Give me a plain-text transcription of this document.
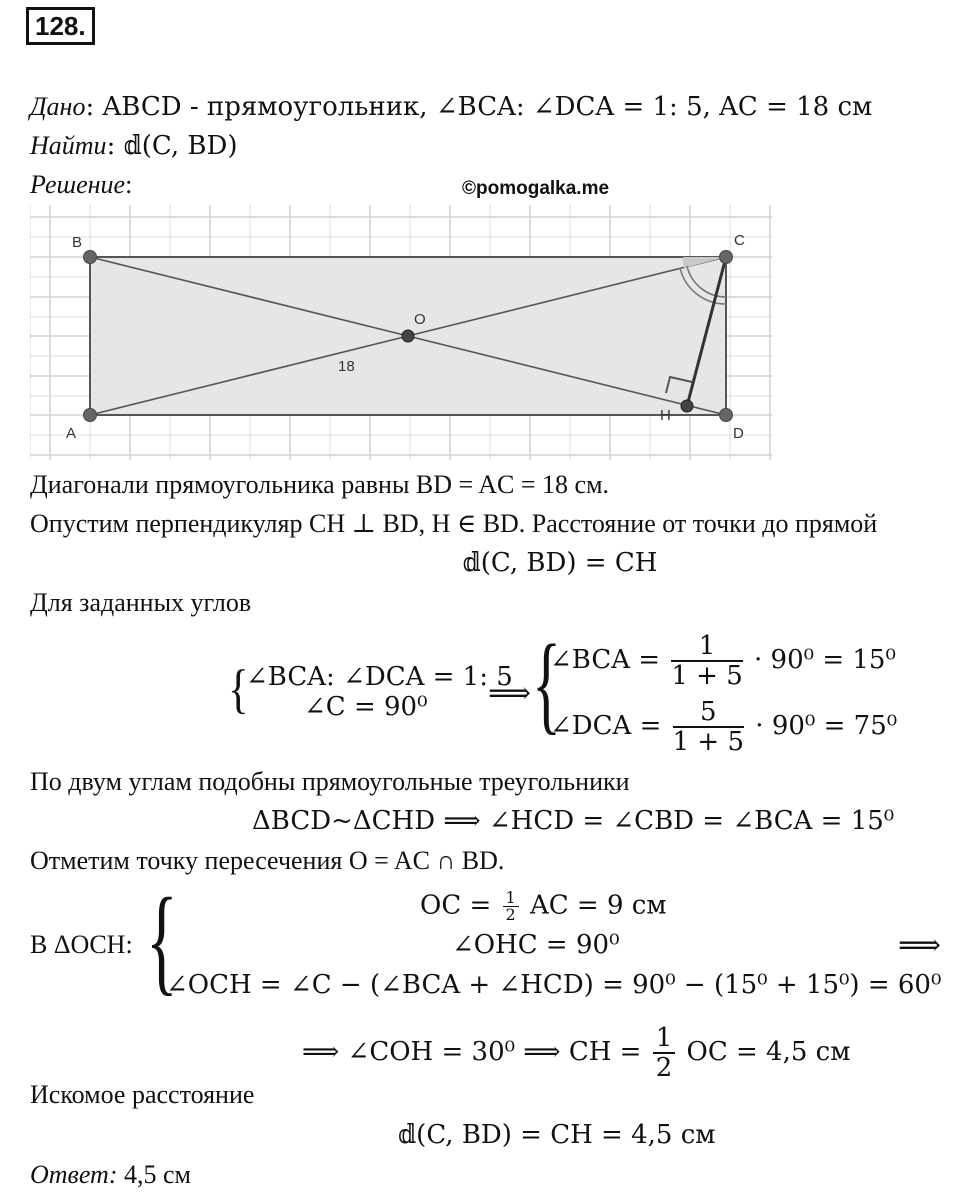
128.
Дано: ABCD - прямоугольник, ∠BCA: ∠DCA = 1: 5, AC = 18 см
Найти: 𝕕(C, BD)
Решение:
B	C
A	D
O
H
18
©pomogalka.me
Диагонали прямоугольника равны BD = AC = 18 см.
Опустим перпендикуляр CH ⊥ BD, H ∈ BD. Расстояние от точки до прямой
𝕕(C, BD) = CH
Для заданных углов
{
∠BCA: ∠DCA = 1: 5
∠C = 90⁰ ⟹ {
∠BCA = $\frac{1}{1 + 5} \cdot 90^0 = 15^0$
∠DCA = $\frac{5}{1 + 5} \cdot 90^0 = 75^0$
По двум углам подобны прямоугольные треугольники
ΔBCD~ΔCHD ⟹ ∠HCD = ∠CBD = ∠BCA = 15⁰
Отметим точку пересечения O = AC ∩ BD.
В ΔOCH: {	OC = $\frac{1}{2}$ AC = 9 см
∠OHC = 90⁰
∠OCH = ∠C − (∠BCA + ∠HCD) = 90⁰ − (15⁰ + 15⁰) = 60⁰
⟹
⟹ ∠COH = 30⁰ ⟹ CH = $\frac{1}{2}$ OC = 4,5 см
Искомое расстояние
𝕕(C, BD) = CH = 4,5 см
Ответ: 4,5 см
